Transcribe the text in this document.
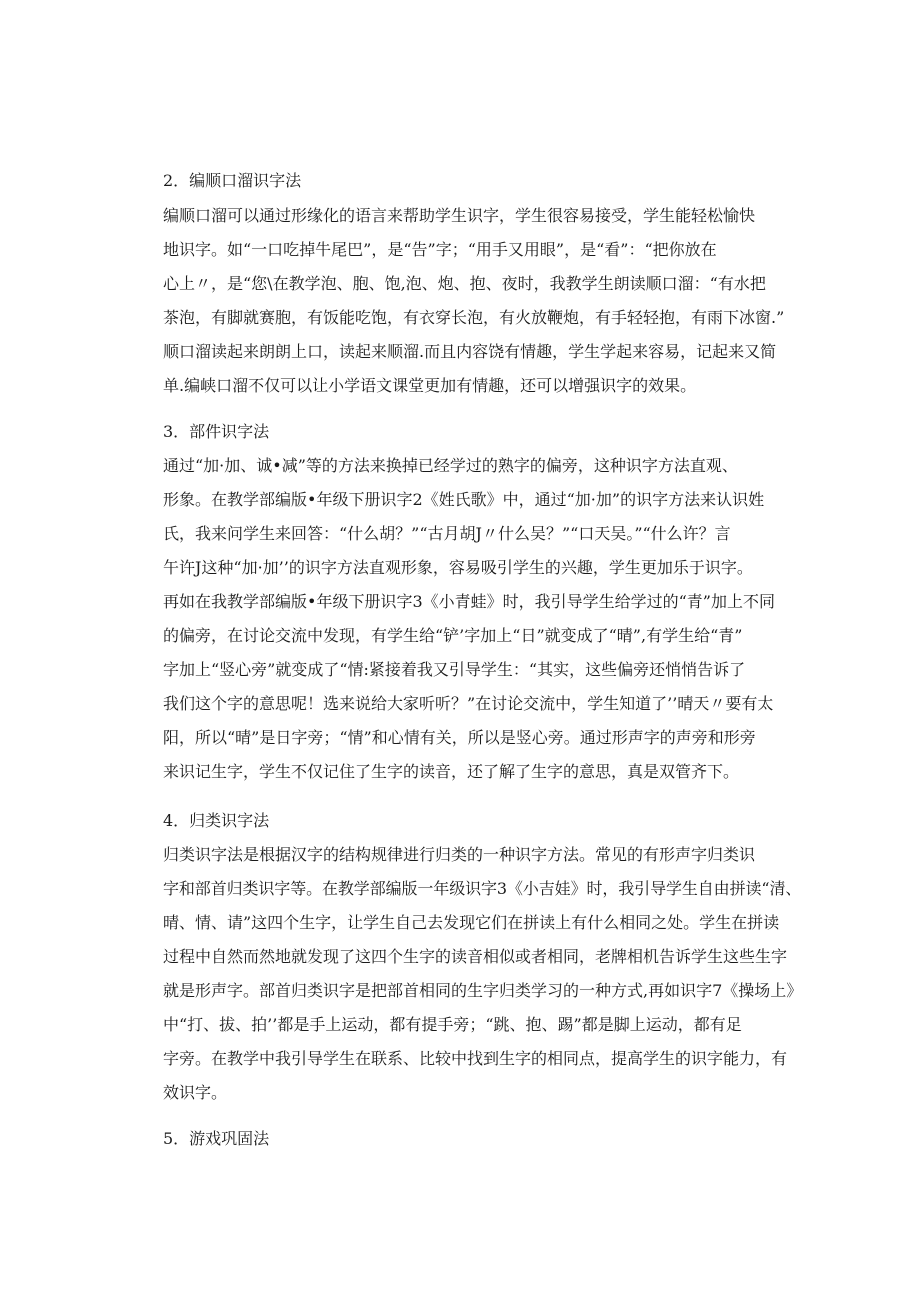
2．编顺口溜识字法

编顺口溜可以通过形缘化的语言来帮助学生识字，学生很容易接受，学生能轻松愉快

地识字。如“一口吃掉牛尾巴”，是“告”字；“用手又用眼”，是“看”：“把你放在

心上〃，是“您\在教学泡、胞、饱,泡、炮、抱、夜时，我教学生朗读顺口溜：“有水把

茶泡，有脚就赛胞，有饭能吃饱，有衣穿长泡，有火放鞭炮，有手轻轻抱，有雨下冰窗.”

顺口溜读起来朗朗上口，读起来顺溜.而且内容饶有情趣，学生学起来容易，记起来又简

单.编峡口溜不仅可以让小学语文课堂更加有情趣，还可以增强识字的效果。

3．部件识字法

通过“加·加、诚•减”等的方法来换掉已经学过的熟字的偏旁，这种识字方法直观、

形象。在教学部编版•年级下册识字2《姓氏歌》中，通过“加·加”的识字方法来认识姓

氏，我来问学生来回答：“什么胡？”“古月胡J〃什么吴？”“口天吴。”“什么许？言

午许J这种“加·加’’的识字方法直观形象，容易吸引学生的兴趣，学生更加乐于识字。

再如在我教学部编版•年级下册识字3《小青蛙》时，我引导学生给学过的“青”加上不同

的偏旁，在讨论交流中发现，有学生给“铲’字加上“日”就变成了“晴”,有学生给“青”

字加上“竖心旁”就变成了“情:紧接着我又引导学生：“其实，这些偏旁还悄悄告诉了

我们这个字的意思呢！选来说给大家听听？”在讨论交流中，学生知道了’’晴天〃要有太

阳，所以“晴”是日字旁；“情”和心情有关，所以是竖心旁。通过形声字的声旁和形旁

来识记生字，学生不仅记住了生字的读音，还了解了生字的意思，真是双管齐下。

4．归类识字法

归类识字法是根据汉字的结构规律进行归类的一种识字方法。常见的有形声字归类识

字和部首归类识字等。在教学部编版一年级识字3《小吉娃》时，我引导学生自由拼读“清、

晴、情、请”这四个生字，让学生自己去发现它们在拼读上有什么相同之处。学生在拼读

过程中自然而然地就发现了这四个生字的读音相似或者相同，老牌相机告诉学生这些生字

就是形声字。部首归类识字是把部首相同的生字归类学习的一种方式,再如识字7《操场上》

中“打、拔、拍’’都是手上运动，都有提手旁；“跳、抱、踢”都是脚上运动，都有足

字旁。在教学中我引导学生在联系、比较中找到生字的相同点，提高学生的识字能力，有

效识字。

5．游戏巩固法
